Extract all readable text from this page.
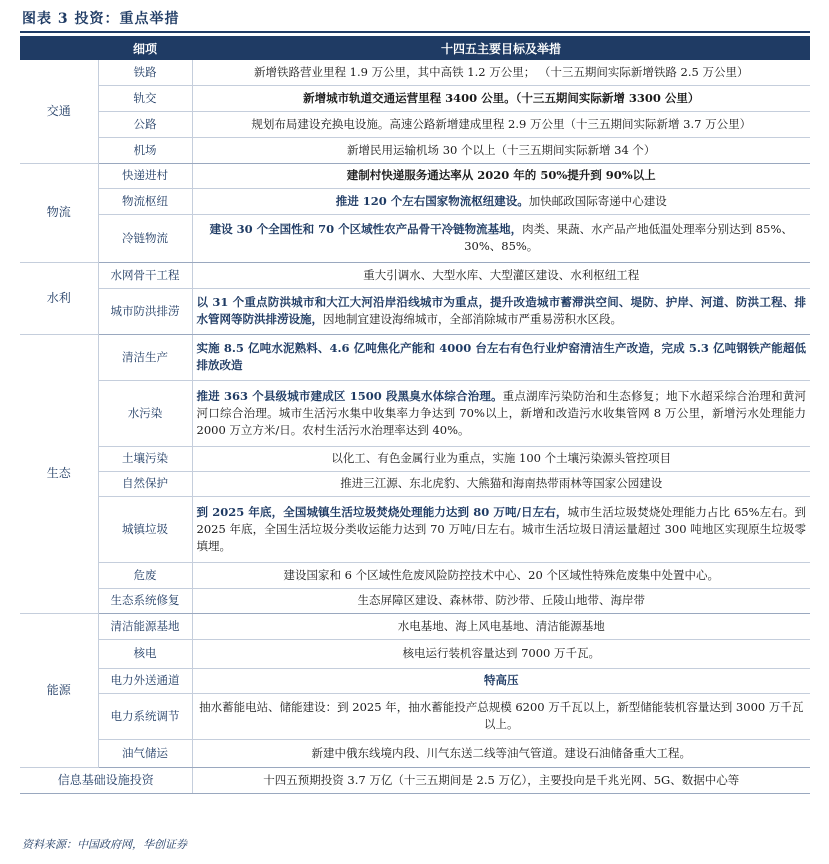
图表 3 投资：重点举措
	细项	十四五主要目标及举措
交通	铁路	新增铁路营业里程 1.9 万公里，其中高铁 1.2 万公里； （十三五期间实际新增铁路 2.5 万公里）
	轨交	新增城市轨道交通运营里程 3400 公里。（十三五期间实际新增 3300 公里）
	公路	规划布局建设充换电设施。高速公路新增建成里程 2.9 万公里（十三五期间实际新增 3.7 万公里）
	机场	新增民用运输机场 30 个以上（十三五期间实际新增 34 个）
物流	快递进村	建制村快递服务通达率从 2020 年的 50%提升到 90%以上
	物流枢纽	推进 120 个左右国家物流枢纽建设。加快邮政国际寄递中心建设
	冷链物流	建设 30 个全国性和 70 个区域性农产品骨干冷链物流基地，肉类、果蔬、水产品产地低温处理率分别达到 85%、30%、85%。
水利	水网骨干工程	重大引调水、大型水库、大型灌区建设、水利枢纽工程
	城市防洪排涝	以 31 个重点防洪城市和大江大河沿岸沿线城市为重点，提升改造城市蓄滞洪空间、堤防、护岸、河道、防洪工程、排水管网等防洪排涝设施，因地制宜建设海绵城市，全部消除城市严重易涝积水区段。
生态	清洁生产	实施 8.5 亿吨水泥熟料、4.6 亿吨焦化产能和 4000 台左右有色行业炉窑清洁生产改造，完成 5.3 亿吨钢铁产能超低排放改造
	水污染	推进 363 个县级城市建成区 1500 段黑臭水体综合治理。重点湖库污染防治和生态修复；地下水超采综合治理和黄河河口综合治理。城市生活污水集中收集率力争达到 70%以上，新增和改造污水收集管网 8 万公里，新增污水处理能力 2000 万立方米/日。农村生活污水治理率达到 40%。
	土壤污染	以化工、有色金属行业为重点，实施 100 个土壤污染源头管控项目
	自然保护	推进三江源、东北虎豹、大熊猫和海南热带雨林等国家公园建设
	城镇垃圾	到 2025 年底，全国城镇生活垃圾焚烧处理能力达到 80 万吨/日左右，城市生活垃圾焚烧处理能力占比 65%左右。到 2025 年底，全国生活垃圾分类收运能力达到 70 万吨/日左右。城市生活垃圾日清运量超过 300 吨地区实现原生垃圾零填埋。
	危废	建设国家和 6 个区域性危废风险防控技术中心、20 个区域性特殊危废集中处置中心。
	生态系统修复	生态屏障区建设、森林带、防沙带、丘陵山地带、海岸带
能源	清洁能源基地	水电基地、海上风电基地、清洁能源基地
	核电	核电运行装机容量达到 7000 万千瓦。
	电力外送通道	特高压
	电力系统调节	抽水蓄能电站、储能建设：到 2025 年，抽水蓄能投产总规模 6200 万千瓦以上，新型储能装机容量达到 3000 万千瓦以上。
	油气储运	新建中俄东线境内段、川气东送二线等油气管道。建设石油储备重大工程。
信息基础设施投资		十四五预期投资 3.7 万亿（十三五期间是 2.5 万亿），主要投向是千兆光网、5G、数据中心等
资料来源：中国政府网，华创证券
